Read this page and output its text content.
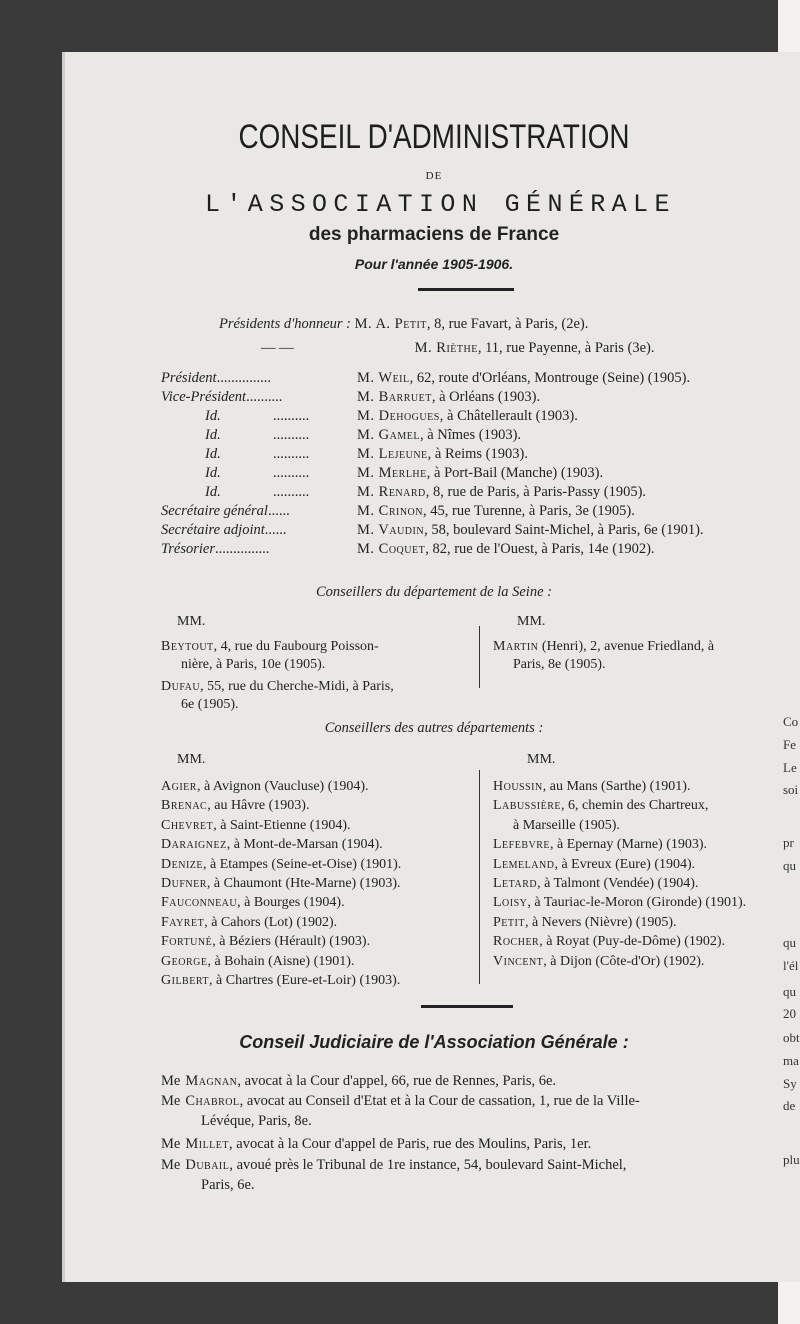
CONSEIL D'ADMINISTRATION
DE
L'ASSOCIATION GÉNÉRALE
des pharmaciens de France
Pour l'année 1905-1906.
Présidents d'honneur : M. A. Petit, 8, rue Favart, à Paris, (2e).
— —	M. Rièthe, 11, rue Payenne, à Paris (3e).
Président...............	M. Weil, 62, route d'Orléans, Montrouge (Seine) (1905).
Vice-Président..........	M. Barruet, à Orléans (1903).
Id.	..........	M. Dehogues, à Châtellerault (1903).
Id.	..........	M. Gamel, à Nîmes (1903).
Id.	..........	M. Lejeune, à Reims (1903).
Id.	..........	M. Merlhe, à Port-Bail (Manche) (1903).
Id.	..........	M. Renard, 8, rue de Paris, à Paris-Passy (1905).
Secrétaire général......	M. Crinon, 45, rue Turenne, à Paris, 3e (1905).
Secrétaire adjoint......	M. Vaudin, 58, boulevard Saint-Michel, à Paris, 6e (1901).
Trésorier...............	M. Coquet, 82, rue de l'Ouest, à Paris, 14e (1902).
Conseillers du département de la Seine :
MM.	MM.
Beytout, 4, rue du Faubourg Poisson-
nière, à Paris, 10e (1905).
Dufau, 55, rue du Cherche-Midi, à Paris,
6e (1905).
Martin (Henri), 2, avenue Friedland, à
Paris, 8e (1905).
Conseillers des autres départements :
MM.	MM.
Agier, à Avignon (Vaucluse) (1904).
Brenac, au Hâvre (1903).
Chevret, à Saint-Etienne (1904).
Daraignez, à Mont-de-Marsan (1904).
Denize, à Etampes (Seine-et-Oise) (1901).
Dufner, à Chaumont (Hte-Marne) (1903).
Fauconneau, à Bourges (1904).
Fayret, à Cahors (Lot) (1902).
Fortuné, à Béziers (Hérault) (1903).
George, à Bohain (Aisne) (1901).
Gilbert, à Chartres (Eure-et-Loir) (1903).
Houssin, au Mans (Sarthe) (1901).
Labussière, 6, chemin des Chartreux,
à Marseille (1905).
Lefebvre, à Epernay (Marne) (1903).
Lemeland, à Evreux (Eure) (1904).
Letard, à Talmont (Vendée) (1904).
Loisy, à Tauriac-le-Moron (Gironde) (1901).
Petit, à Nevers (Nièvre) (1905).
Rocher, à Royat (Puy-de-Dôme) (1902).
Vincent, à Dijon (Côte-d'Or) (1902).
Conseil Judiciaire de l'Association Générale :
Me Magnan, avocat à la Cour d'appel, 66, rue de Rennes, Paris, 6e.
Me Chabrol, avocat au Conseil d'Etat et à la Cour de cassation, 1, rue de la Ville-
Lévéque, Paris, 8e.
Me Millet, avocat à la Cour d'appel de Paris, rue des Moulins, Paris, 1er.
Me Dubail, avoué près le Tribunal de 1re instance, 54, boulevard Saint-Michel,
Paris, 6e.
Co
Fe
Le
soi
pr
qu
qu
l'él
qu
20
obt
ma
Sy
de
plu
